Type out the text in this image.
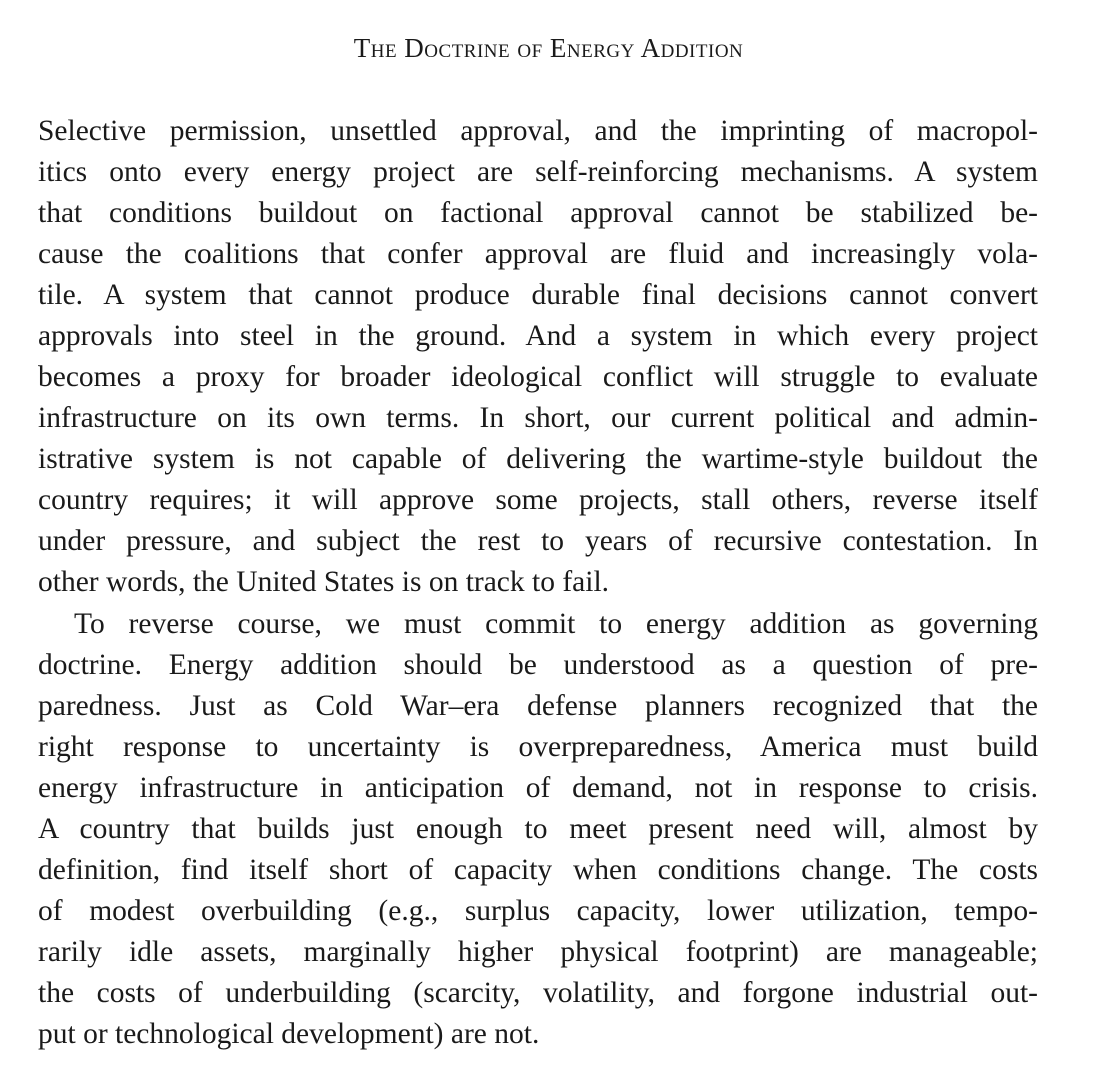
The Doctrine of Energy Addition
Selective permission, unsettled approval, and the imprinting of macropol-
itics onto every energy project are self-reinforcing mechanisms. A system
that conditions buildout on factional approval cannot be stabilized be-
cause the coalitions that confer approval are fluid and increasingly vola-
tile. A system that cannot produce durable final decisions cannot convert
approvals into steel in the ground. And a system in which every project
becomes a proxy for broader ideological conflict will struggle to evaluate
infrastructure on its own terms. In short, our current political and admin-
istrative system is not capable of delivering the wartime-style buildout the
country requires; it will approve some projects, stall others, reverse itself
under pressure, and subject the rest to years of recursive contestation. In
other words, the United States is on track to fail.
To reverse course, we must commit to energy addition as governing
doctrine. Energy addition should be understood as a question of pre-
paredness. Just as Cold War–era defense planners recognized that the
right response to uncertainty is overpreparedness, America must build
energy infrastructure in anticipation of demand, not in response to crisis.
A country that builds just enough to meet present need will, almost by
definition, find itself short of capacity when conditions change. The costs
of modest overbuilding (e.g., surplus capacity, lower utilization, tempo-
rarily idle assets, marginally higher physical footprint) are manageable;
the costs of underbuilding (scarcity, volatility, and forgone industrial out-
put or technological development) are not.
